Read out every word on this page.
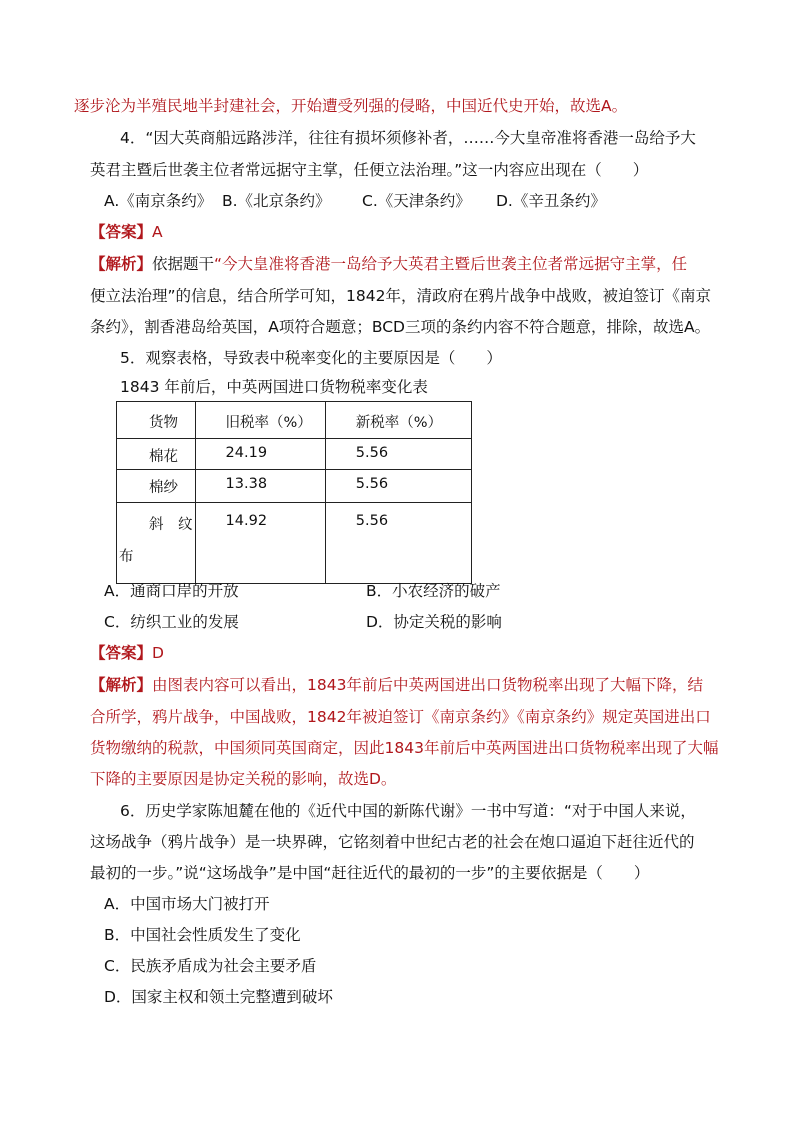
逐步沦为半殖民地半封建社会，开始遭受列强的侵略，中国近代史开始，故选A。
4．“因大英商船远路涉洋，往往有损坏须修补者，……今大皇帝准将香港一岛给予大
英君主暨后世袭主位者常远据守主掌，任便立法治理。”这一内容应出现在（　　）
A.《南京条约》 B.《北京条约》 C.《天津条约》 D.《辛丑条约》
【答案】A
【解析】依据题干“今大皇准将香港一岛给予大英君主暨后世袭主位者常远据守主掌，任
便立法治理”的信息，结合所学可知，1842年，清政府在鸦片战争中战败，被迫签订《南京
条约》，割香港岛给英国，A项符合题意；BCD三项的条约内容不符合题意，排除，故选A。
5．观察表格，导致表中税率变化的主要原因是（　　）
1843 年前后，中英两国进口货物税率变化表
货物	旧税率（%）	新税率（%）

棉花	24.19	5.56

棉纱	13.38	5.56

斜　纹
布	14.92	5.56
A．通商口岸的开放	B．小农经济的破产
C．纺织工业的发展	D．协定关税的影响
【答案】D
【解析】由图表内容可以看出，1843年前后中英两国进出口货物税率出现了大幅下降，结
合所学，鸦片战争，中国战败，1842年被迫签订《南京条约》《南京条约》规定英国进出口
货物缴纳的税款，中国须同英国商定，因此1843年前后中英两国进出口货物税率出现了大幅
下降的主要原因是协定关税的影响，故选D。
6．历史学家陈旭麓在他的《近代中国的新陈代谢》一书中写道：“对于中国人来说，
这场战争（鸦片战争）是一块界碑，它铭刻着中世纪古老的社会在炮口逼迫下赶往近代的
最初的一步。”说“这场战争”是中国“赶往近代的最初的一步”的主要依据是（　　）
A．中国市场大门被打开
B．中国社会性质发生了变化
C．民族矛盾成为社会主要矛盾
D．国家主权和领土完整遭到破坏
